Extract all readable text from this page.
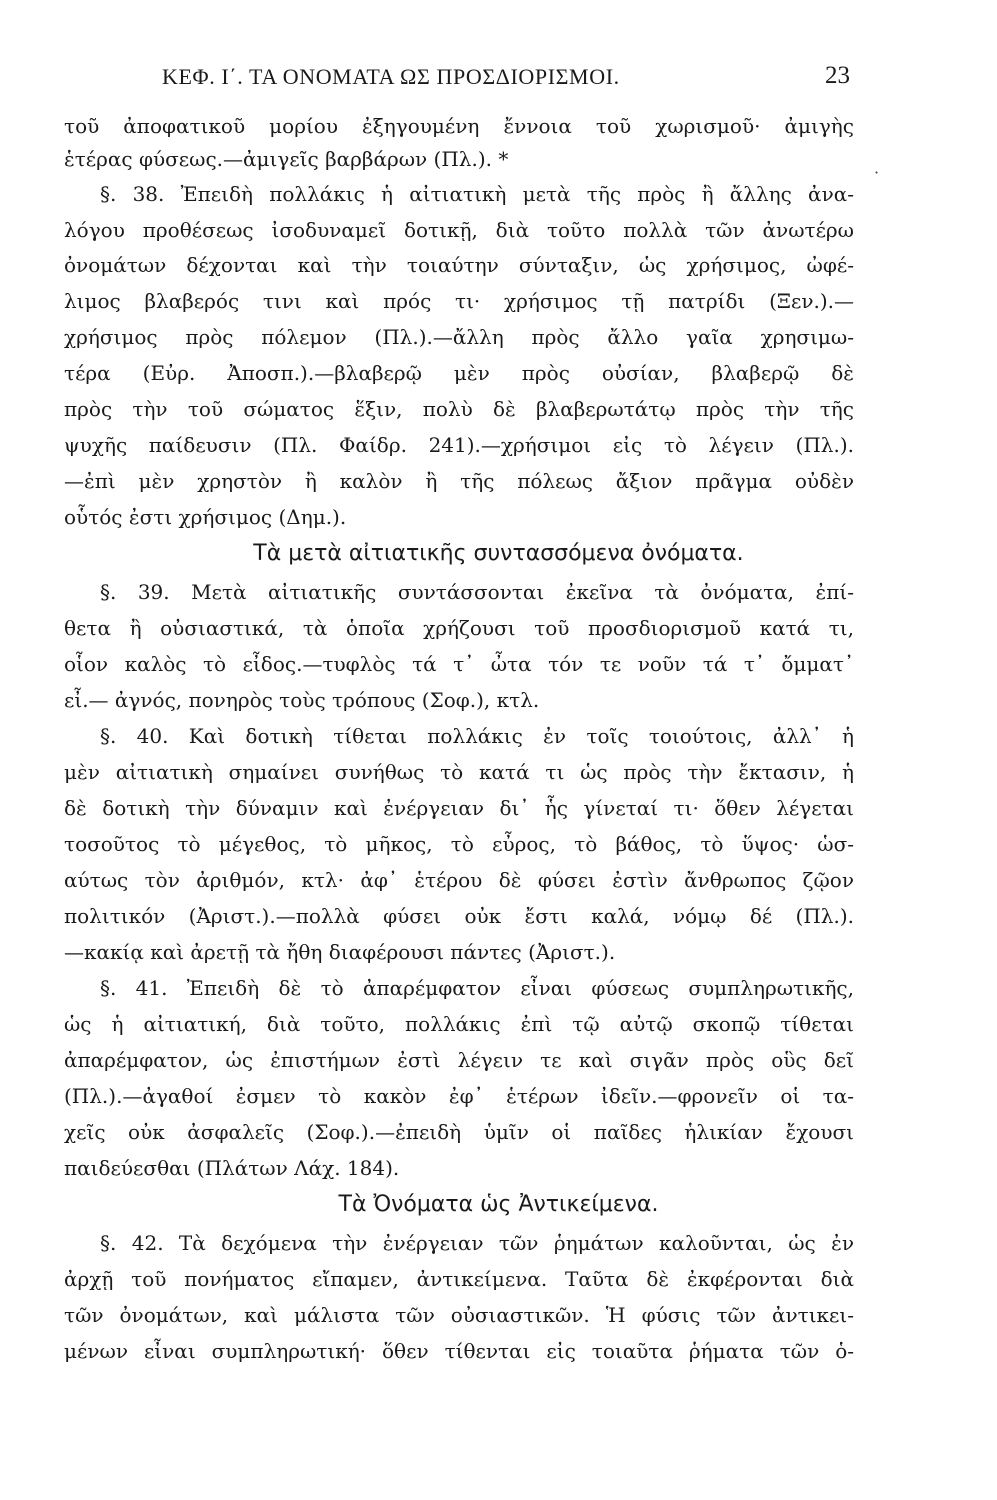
ΚΕΦ. Ι΄. ΤΑ ΟΝΟΜΑΤΑ ΩΣ ΠΡΟΣΔΙΟΡΙΣΜΟΙ.	23
τοῦ ἀποφατικοῦ μορίου ἐξηγουμένη ἔννοια τοῦ χωρισμοῦ· ἀμιγὴς
ἑτέρας φύσεως.—ἀμιγεῖς βαρβάρων (Πλ.). *
§. 38. Ἐπειδὴ πολλάκις ἡ αἰτιατικὴ μετὰ τῆς πρὸς ἢ ἄλλης ἀνα-
λόγου προθέσεως ἰσοδυναμεῖ δοτικῇ, διὰ τοῦτο πολλὰ τῶν ἀνωτέρω
ὀνομάτων δέχονται καὶ τὴν τοιαύτην σύνταξιν, ὡς χρήσιμος, ὠφέ-
λιμος βλαβερός τινι καὶ πρός τι· χρήσιμος τῇ πατρίδι (Ξεν.).—
χρήσιμος πρὸς πόλεμον (Πλ.).—ἄλλη πρὸς ἄλλο γαῖα χρησιμω-
τέρα (Εὐρ. Ἀποσπ.).—βλαβερῷ μὲν πρὸς οὐσίαν, βλαβερῷ δὲ
πρὸς τὴν τοῦ σώματος ἕξιν, πολὺ δὲ βλαβερωτάτῳ πρὸς τὴν τῆς
ψυχῆς παίδευσιν (Πλ. Φαίδρ. 241).—χρήσιμοι εἰς τὸ λέγειν (Πλ.).
—ἐπὶ μὲν χρηστὸν ἢ καλὸν ἢ τῆς πόλεως ἄξιον πρᾶγμα οὐδὲν
οὗτός ἐστι χρήσιμος (Δημ.).
Τὰ μετὰ αἰτιατικῆς συντασσόμενα ὀνόματα.
§. 39. Μετὰ αἰτιατικῆς συντάσσονται ἐκεῖνα τὰ ὀνόματα, ἐπί-
θετα ἢ οὐσιαστικά, τὰ ὁποῖα χρήζουσι τοῦ προσδιορισμοῦ κατά τι,
οἷον καλὸς τὸ εἶδος.—τυφλὸς τά τ᾽ ὦτα τόν τε νοῦν τά τ᾽ ὄμματ᾽
εἶ.— ἀγνός, πονηρὸς τοὺς τρόπους (Σοφ.), κτλ.
§. 40. Καὶ δοτικὴ τίθεται πολλάκις ἐν τοῖς τοιούτοις, ἀλλ᾽ ἡ
μὲν αἰτιατικὴ σημαίνει συνήθως τὸ κατά τι ὡς πρὸς τὴν ἔκτασιν, ἡ
δὲ δοτικὴ τὴν δύναμιν καὶ ἐνέργειαν δι᾽ ἧς γίνεταί τι· ὅθεν λέγεται
τοσοῦτος τὸ μέγεθος, τὸ μῆκος, τὸ εὖρος, τὸ βάθος, τὸ ὕψος· ὡσ-
αύτως τὸν ἀριθμόν, κτλ· ἀφ᾽ ἑτέρου δὲ φύσει ἐστὶν ἄνθρωπος ζῷον
πολιτικόν (Ἀριστ.).—πολλὰ φύσει οὐκ ἔστι καλά, νόμῳ δέ (Πλ.).
—κακίᾳ καὶ ἀρετῇ τὰ ἤθη διαφέρουσι πάντες (Ἀριστ.).
§. 41. Ἐπειδὴ δὲ τὸ ἀπαρέμφατον εἶναι φύσεως συμπληρωτικῆς,
ὡς ἡ αἰτιατική, διὰ τοῦτο, πολλάκις ἐπὶ τῷ αὐτῷ σκοπῷ τίθεται
ἀπαρέμφατον, ὡς ἐπιστήμων ἐστὶ λέγειν τε καὶ σιγᾶν πρὸς οὓς δεῖ
(Πλ.).—ἀγαθοί ἐσμεν τὸ κακὸν ἐφ᾽ ἑτέρων ἰδεῖν.—φρονεῖν οἱ τα-
χεῖς οὐκ ἀσφαλεῖς (Σοφ.).—ἐπειδὴ ὑμῖν οἱ παῖδες ἡλικίαν ἔχουσι
παιδεύεσθαι (Πλάτων Λάχ. 184).
Τὰ Ὀνόματα ὡς Ἀντικείμενα.
§. 42. Τὰ δεχόμενα τὴν ἐνέργειαν τῶν ῥημάτων καλοῦνται, ὡς ἐν
ἀρχῇ τοῦ πονήματος εἴπαμεν, ἀντικείμενα. Ταῦτα δὲ ἐκφέρονται διὰ
τῶν ὀνομάτων, καὶ μάλιστα τῶν οὐσιαστικῶν. Ἡ φύσις τῶν ἀντικει-
μένων εἶναι συμπληρωτική· ὅθεν τίθενται εἰς τοιαῦτα ῥήματα τῶν ὁ-
·
